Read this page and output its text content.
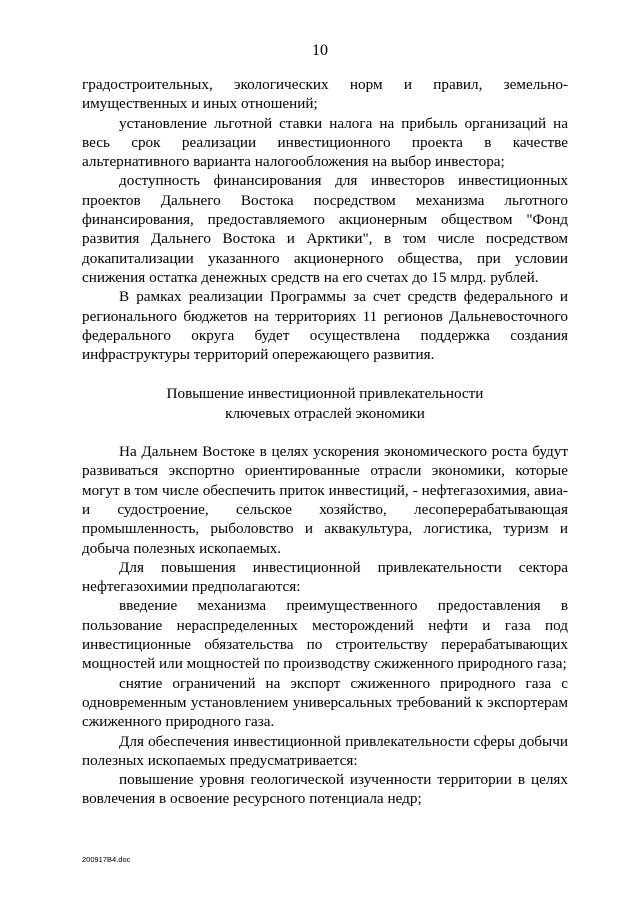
10

градостроительных, экологических норм и правил, земельно-имущественных и иных отношений;

установление льготной ставки налога на прибыль организаций на весь срок реализации инвестиционного проекта в качестве альтернативного варианта налогообложения на выбор инвестора;

доступность финансирования для инвесторов инвестиционных проектов Дальнего Востока посредством механизма льготного финансирования, предоставляемого акционерным обществом "Фонд развития Дальнего Востока и Арктики", в том числе посредством докапитализации указанного акционерного общества, при условии снижения остатка денежных средств на его счетах до 15 млрд. рублей.

В рамках реализации Программы за счет средств федерального и регионального бюджетов на территориях 11 регионов Дальневосточного федерального округа будет осуществлена поддержка создания инфраструктуры территорий опережающего развития.

Повышение инвестиционной привлекательности

ключевых отраслей экономики

На Дальнем Востоке в целях ускорения экономического роста будут развиваться экспортно ориентированные отрасли экономики, которые могут в том числе обеспечить приток инвестиций, - нефтегазохимия, авиа- и судостроение, сельское хозяйство, лесоперерабатывающая промышленность, рыболовство и аквакультура, логистика, туризм и добыча полезных ископаемых.

Для повышения инвестиционной привлекательности сектора нефтегазохимии предполагаются:

введение механизма преимущественного предоставления в пользование нераспределенных месторождений нефти и газа под инвестиционные обязательства по строительству перерабатывающих мощностей или мощностей по производству сжиженного природного газа;

снятие ограничений на экспорт сжиженного природного газа с одновременным установлением универсальных требований к экспортерам сжиженного природного газа.

Для обеспечения инвестиционной привлекательности сферы добычи полезных ископаемых предусматривается:

повышение уровня геологической изученности территории в целях вовлечения в освоение ресурсного потенциала недр;

200917В4.doc
